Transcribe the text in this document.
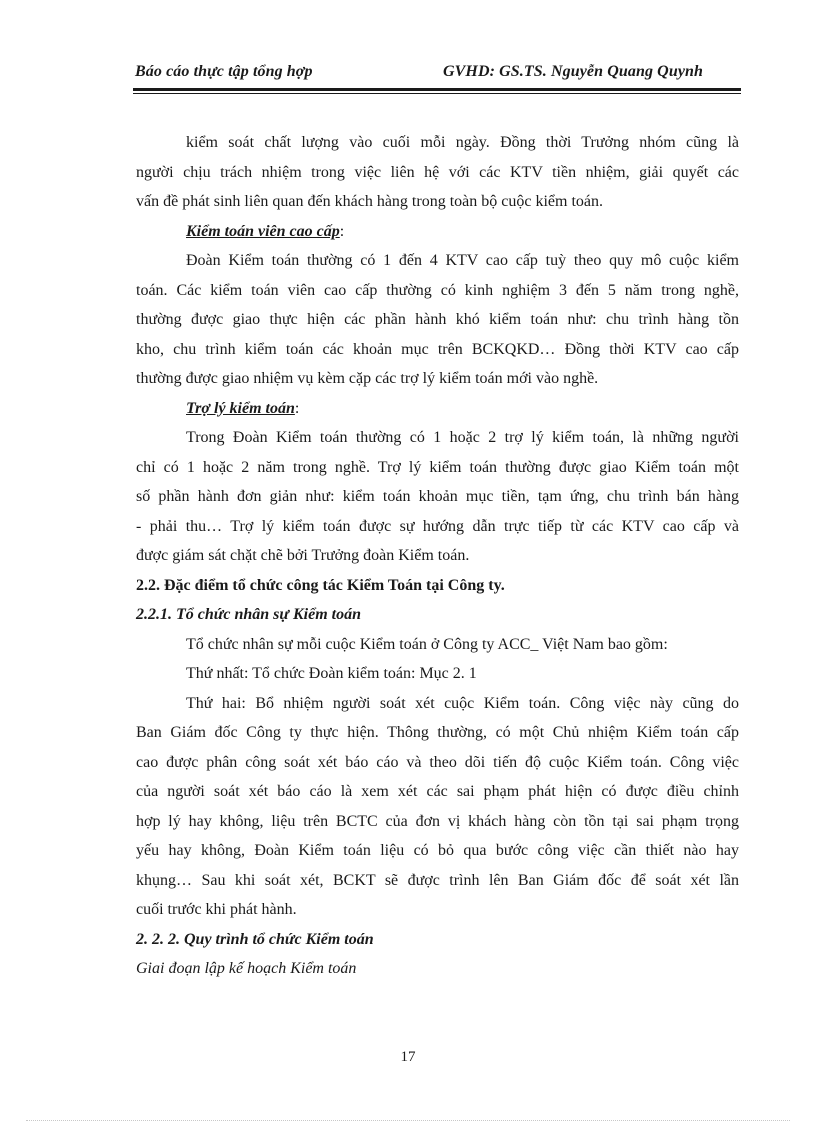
Báo cáo thực tập tổng hợp	GVHD: GS.TS. Nguyễn Quang Quynh
kiểm soát chất lượng vào cuối mỗi ngày. Đồng thời Trưởng nhóm cũng là
người chịu trách nhiệm trong việc liên hệ với các KTV tiền nhiệm, giải quyết các
vấn đề phát sinh liên quan đến khách hàng trong toàn bộ cuộc kiểm toán.
Kiểm toán viên cao cấp:
Đoàn Kiểm toán thường có 1 đến 4 KTV cao cấp tuỳ theo quy mô cuộc kiểm
toán. Các kiểm toán viên cao cấp thường có kinh nghiệm 3 đến 5 năm trong nghề,
thường được giao thực hiện các phần hành khó kiểm toán như: chu trình hàng tồn
kho, chu trình kiểm toán các khoản mục trên BCKQKD… Đồng thời KTV cao cấp
thường được giao nhiệm vụ kèm cặp các trợ lý kiểm toán mới vào nghề.
Trợ lý kiểm toán:
Trong Đoàn Kiểm toán thường có 1 hoặc 2 trợ lý kiểm toán, là những người
chỉ có 1 hoặc 2 năm trong nghề. Trợ lý kiểm toán thường được giao Kiểm toán một
số phần hành đơn giản như: kiểm toán khoản mục tiền, tạm ứng, chu trình bán hàng
- phải thu… Trợ lý kiểm toán được sự hướng dẫn trực tiếp từ các KTV cao cấp và
được giám sát chặt chẽ bởi Trưởng đoàn Kiểm toán.
2.2. Đặc điểm tổ chức công tác Kiểm Toán tại Công ty.
2.2.1. Tổ chức nhân sự Kiểm toán
Tổ chức nhân sự mỗi cuộc Kiểm toán ở Công ty ACC_ Việt Nam bao gồm:
Thứ nhất: Tổ chức Đoàn kiểm toán: Mục 2. 1
Thứ hai: Bổ nhiệm người soát xét cuộc Kiểm toán. Công việc này cũng do
Ban Giám đốc Công ty thực hiện. Thông thường, có một Chủ nhiệm Kiểm toán cấp
cao được phân công soát xét báo cáo và theo dõi tiến độ cuộc Kiểm toán. Công việc
của người soát xét báo cáo là xem xét các sai phạm phát hiện có được điều chỉnh
hợp lý hay không, liệu trên BCTC của đơn vị khách hàng còn tồn tại sai phạm trọng
yếu hay không, Đoàn Kiểm toán liệu có bỏ qua bước công việc cần thiết nào hay
khụng… Sau khi soát xét, BCKT sẽ được trình lên Ban Giám đốc để soát xét lần
cuối trước khi phát hành.
2. 2. 2. Quy trình tổ chức Kiểm toán
Giai đoạn lập kế hoạch Kiểm toán
17
